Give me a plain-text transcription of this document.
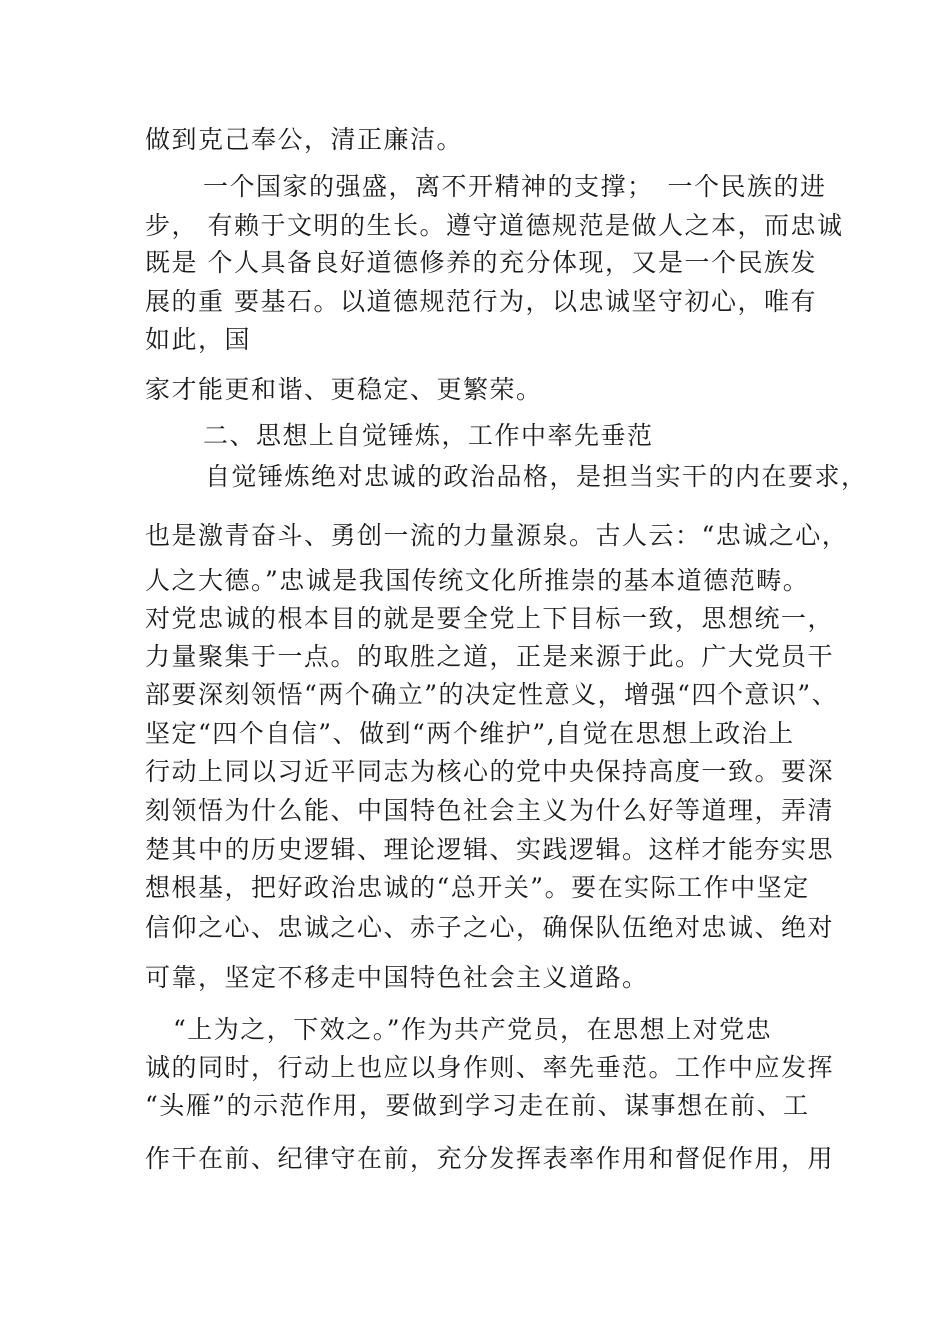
做到克己奉公，清正廉洁。
一个国家的强盛，离不开精神的支撑；　一个民族的进
步， 有赖于文明的生长。遵守道德规范是做人之本，而忠诚
既是 个人具备良好道德修养的充分体现，又是一个民族发
展的重 要基石。以道德规范行为，以忠诚坚守初心，唯有
如此，国
家才能更和谐、更稳定、更繁荣。
二、思想上自觉锤炼，工作中率先垂范
自觉锤炼绝对忠诚的政治品格，是担当实干的内在要求，
也是激青奋斗、勇创一流的力量源泉。古人云：“忠诚之心，
人之大德。”忠诚是我国传统文化所推崇的基本道德范畴。
对党忠诚的根本目的就是要全党上下目标一致，思想统一，
力量聚集于一点。的取胜之道，正是来源于此。广大党员干
部要深刻领悟“两个确立”的决定性意义，增强“四个意识”、
坚定“四个自信”、做到“两个维护”,自觉在思想上政治上
行动上同以习近平同志为核心的党中央保持高度一致。要深
刻领悟为什么能、中国特色社会主义为什么好等道理，弄清
楚其中的历史逻辑、理论逻辑、实践逻辑。这样才能夯实思
想根基，把好政治忠诚的“总开关”。要在实际工作中坚定
信仰之心、忠诚之心、赤子之心，确保队伍绝对忠诚、绝对
可靠，坚定不移走中国特色社会主义道路。
“上为之，下效之。”作为共产党员，在思想上对党忠
诚的同时，行动上也应以身作则、率先垂范。工作中应发挥
“头雁”的示范作用，要做到学习走在前、谋事想在前、工
作干在前、纪律守在前，充分发挥表率作用和督促作用，用
